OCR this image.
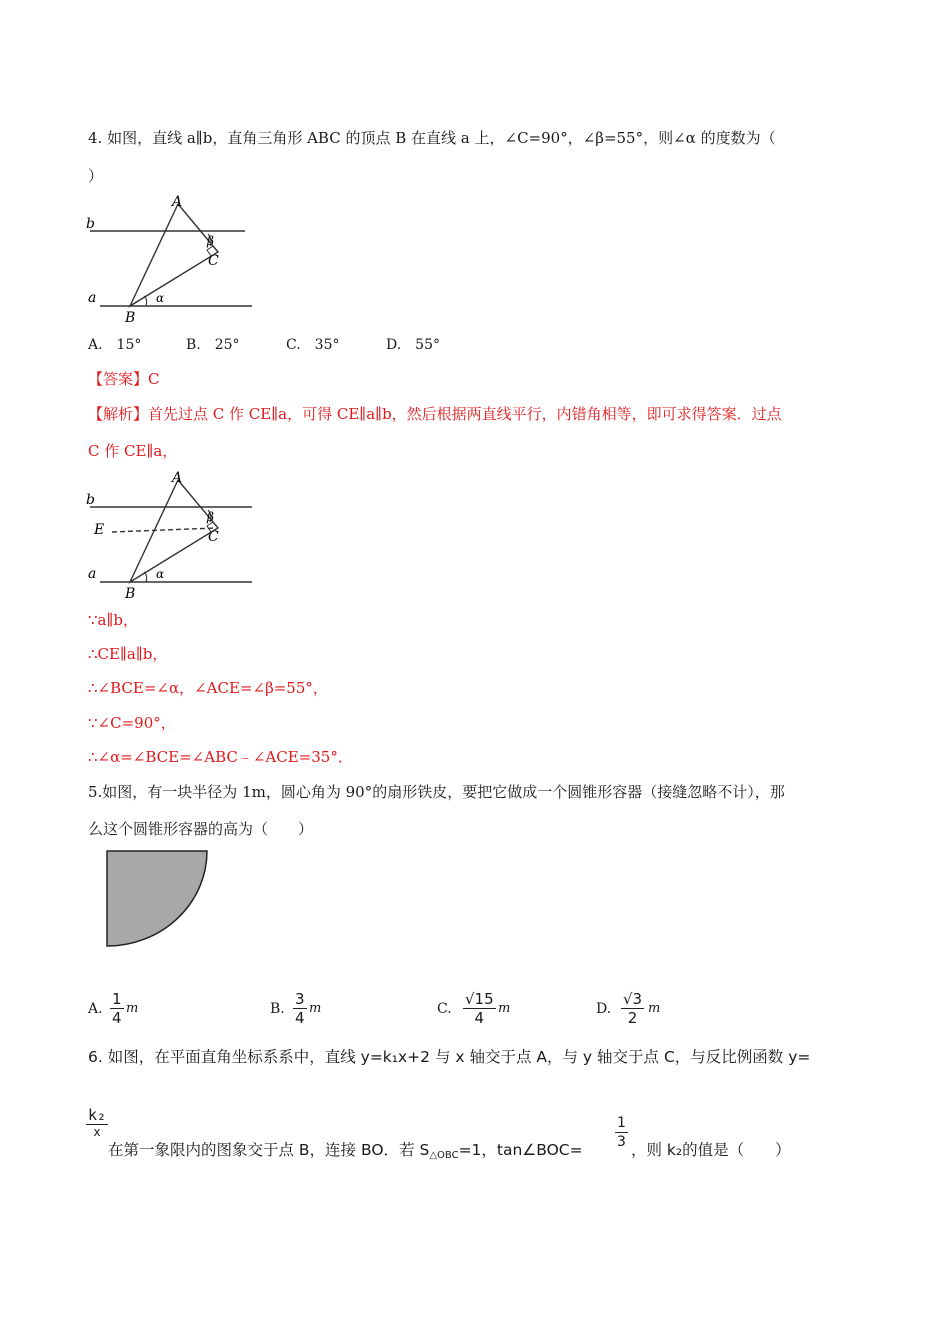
4. 如图，直线 a∥b，直角三角形 ABC 的顶点 B 在直线 a 上，∠C=90°，∠β=55°，则∠α 的度数为（
）
A
B
C
b
a
β
α
A.　15°	B.　25°	C.　35°	D.　55°
【答案】C
【解析】首先过点 C 作 CE∥a，可得 CE∥a∥b，然后根据两直线平行，内错角相等，即可求得答案．过点
C 作 CE∥a，
A
B
C
E
b
a
β
α
∵a∥b，
∴CE∥a∥b，
∴∠BCE=∠α，∠ACE=∠β=55°，
∵∠C=90°，
∴∠α=∠BCE=∠ABC﹣∠ACE=35°．
5.如图，有一块半径为 1m，圆心角为 90°的扇形铁皮，要把它做成一个圆锥形容器（接缝忽略不计），那
么这个圆锥形容器的高为（　　）
A.
1
4
m	B.
3
4
m	C.
√15
4
m	D.
√3
2
m
6. 如图，在平面直角坐标系系中，直线 y=k₁x+2 与 x 轴交于点 A，与 y 轴交于点 C，与反比例函数 y=
k₂
x
在第一象限内的图象交于点 B，连接 BO．若 $S_{\triangle OBC}=1$，tan∠BOC=
1
3 ，则 k₂的值是（　　）
